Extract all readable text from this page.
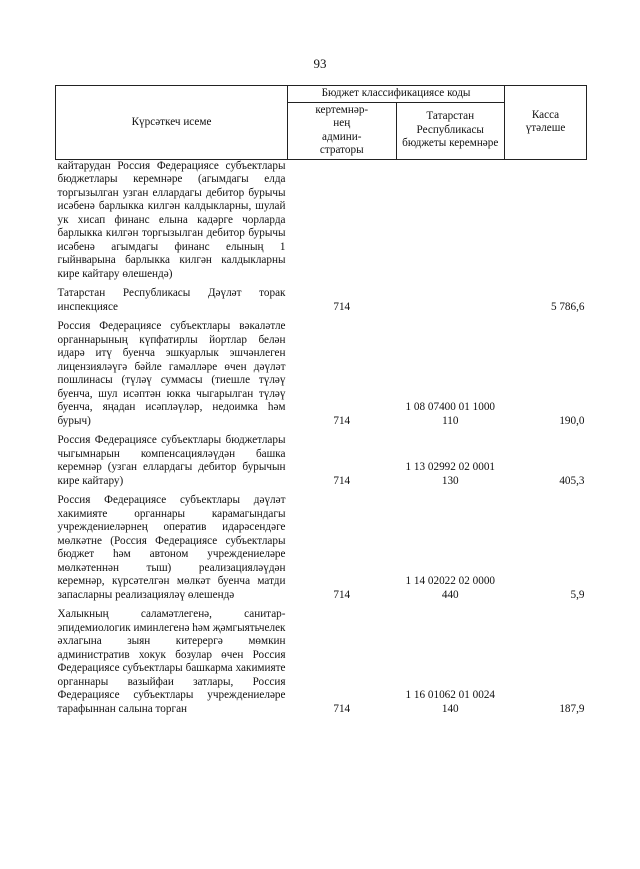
93
Күрсәткеч исеме	Бюджет классификациясе коды		Касса
үтәлеше

	кертемнәр-
нең
админи-
страторы	Татарстан
Республикасы
бюджеты керемнәре	

кайтарудан Россия Федерациясе субъектлары бюджетлары керемнәре (агымдагы елда торгызылган узган еллардагы дебитор бурычы исәбенә барлыкка килгән калдыкларны, шулай ук хисап финанс елына кадәрге чорларда барлыкка килгән торгызылган дебитор бурычы исәбенә агымдагы финанс елының 1 гыйнварына барлыкка килгән калдыкларны кире кайтару өлешендә)			

Татарстан Республикасы Дәүләт торак инспекциясе	714		5 786,6

Россия Федерациясе субъектлары вәкаләтле органнарының күпфатирлы йортлар белән идарә итү буенча эшкуарлык эшчәнлеген лицензияләүгә бәйле гамәлләре өчен дәүләт пошлинасы (түләү суммасы (тиешле түләү буенча, шул исәптән юкка чыгарылган түләү буенча, яңадан исәпләүләр, недоимка һәм бурыч)	714	1 08 07400 01 1000 110	190,0

Россия Федерациясе субъектлары бюджетлары чыгымнарын компенсацияләүдән башка керемнәр (узган еллардагы дебитор бурычын кире кайтару)	714	1 13 02992 02 0001 130	405,3

Россия Федерациясе субъектлары дәүләт хакимияте органнары карамагындагы учреждениеләрнең оператив идарәсендәге мөлкәтне (Россия Федерациясе субъектлары бюджет һәм автоном учреждениеләре мөлкәтеннән тыш) реализацияләүдән керемнәр, күрсәтелгән мөлкәт буенча матди запасларны реализацияләү өлешендә	714	1 14 02022 02 0000 440	5,9

Халыкның саламәтлегенә, санитар-эпидемиологик иминлегенә һәм җәмгыятьчелек әхлагына зыян китерергә мөмкин административ хокук бозулар өчен Россия Федерациясе субъектлары башкарма хакимияте органнары вазыйфаи затлары, Россия Федерациясе субъектлары учреждениеләре тарафыннан салына торган	714	1 16 01062 01 0024 140	187,9
